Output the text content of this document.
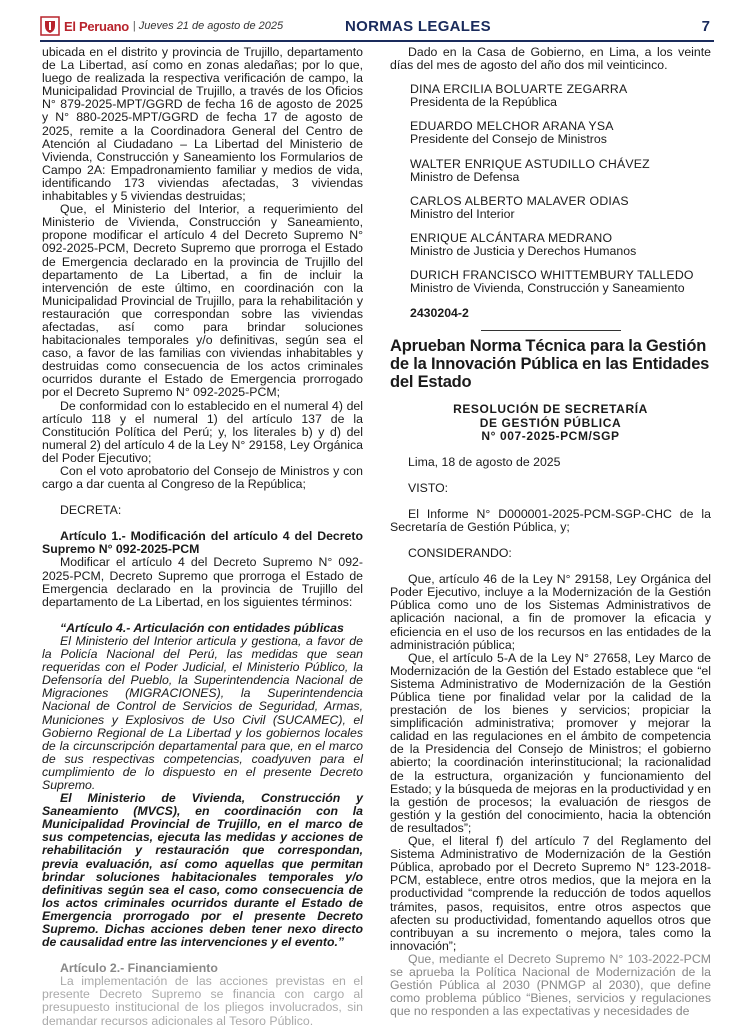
El Peruano
| Jueves 21 de agosto de 2025	NORMAS LEGALES	7

ubicada en el distrito y provincia de Trujillo, departamento de La Libertad, así como en zonas aledañas; por lo que, luego de realizada la respectiva verificación de campo, la Municipalidad Provincial de Trujillo, a través de los Oficios N° 879-2025-MPT/GGRD de fecha 16 de agosto de 2025 y N° 880-2025-MPT/GGRD de fecha 17 de agosto de 2025, remite a la Coordinadora General del Centro de Atención al Ciudadano – La Libertad del Ministerio de Vivienda, Construcción y Saneamiento los Formularios de Campo 2A: Empadronamiento familiar y medios de vida, identificando 173 viviendas afectadas, 3 viviendas inhabitables y 5 viviendas destruidas;

Que, el Ministerio del Interior, a requerimiento del Ministerio de Vivienda, Construcción y Saneamiento, propone modificar el artículo 4 del Decreto Supremo N° 092-2025-PCM, Decreto Supremo que prorroga el Estado de Emergencia declarado en la provincia de Trujillo del departamento de La Libertad, a fin de incluir la intervención de este último, en coordinación con la Municipalidad Provincial de Trujillo, para la rehabilitación y restauración que correspondan sobre las viviendas afectadas, así como para brindar soluciones habitacionales temporales y/o definitivas, según sea el caso, a favor de las familias con viviendas inhabitables y destruidas como consecuencia de los actos criminales ocurridos durante el Estado de Emergencia prorrogado por el Decreto Supremo N° 092-2025-PCM;

De conformidad con lo establecido en el numeral 4) del artículo 118 y el numeral 1) del artículo 137 de la Constitución Política del Perú; y, los literales b) y d) del numeral 2) del artículo 4 de la Ley N° 29158, Ley Orgánica del Poder Ejecutivo;

Con el voto aprobatorio del Consejo de Ministros y con cargo a dar cuenta al Congreso de la República;

DECRETA:

Artículo 1.- Modificación del artículo 4 del Decreto Supremo N° 092-2025-PCM

Modificar el artículo 4 del Decreto Supremo N° 092-2025-PCM, Decreto Supremo que prorroga el Estado de Emergencia declarado en la provincia de Trujillo del departamento de La Libertad, en los siguientes términos:

“Artículo 4.- Articulación con entidades públicas

El Ministerio del Interior articula y gestiona, a favor de la Policía Nacional del Perú, las medidas que sean requeridas con el Poder Judicial, el Ministerio Público, la Defensoría del Pueblo, la Superintendencia Nacional de Migraciones (MIGRACIONES), la Superintendencia Nacional de Control de Servicios de Seguridad, Armas, Municiones y Explosivos de Uso Civil (SUCAMEC), el Gobierno Regional de La Libertad y los gobiernos locales de la circunscripción departamental para que, en el marco de sus respectivas competencias, coadyuven para el cumplimiento de lo dispuesto en el presente Decreto Supremo.

El Ministerio de Vivienda, Construcción y Saneamiento (MVCS), en coordinación con la Municipalidad Provincial de Trujillo, en el marco de sus competencias, ejecuta las medidas y acciones de rehabilitación y restauración que correspondan, previa evaluación, así como aquellas que permitan brindar soluciones habitacionales temporales y/o definitivas según sea el caso, como consecuencia de los actos criminales ocurridos durante el Estado de Emergencia prorrogado por el presente Decreto Supremo. Dichas acciones deben tener nexo directo de causalidad entre las intervenciones y el evento.”

Artículo 2.- Financiamiento

La implementación de las acciones previstas en el presente Decreto Supremo se financia con cargo al presupuesto institucional de los pliegos involucrados, sin demandar recursos adicionales al Tesoro Público.

Dado en la Casa de Gobierno, en Lima, a los veinte días del mes de agosto del año dos mil veinticinco.

DINA ERCILIA BOLUARTE ZEGARRA

Presidenta de la República

EDUARDO MELCHOR ARANA YSA

Presidente del Consejo de Ministros

WALTER ENRIQUE ASTUDILLO CHÁVEZ

Ministro de Defensa

CARLOS ALBERTO MALAVER ODIAS

Ministro del Interior

ENRIQUE ALCÁNTARA MEDRANO

Ministro de Justicia y Derechos Humanos

DURICH FRANCISCO WHITTEMBURY TALLEDO

Ministro de Vivienda, Construcción y Saneamiento

2430204-2

Aprueban Norma Técnica para la Gestión de la Innovación Pública en las Entidades del Estado

RESOLUCIÓN DE SECRETARÍA

DE GESTIÓN PÚBLICA

N° 007-2025-PCM/SGP

Lima, 18 de agosto de 2025

VISTO:

El Informe N° D000001-2025-PCM-SGP-CHC de la Secretaría de Gestión Pública, y;

CONSIDERANDO:

Que, artículo 46 de la Ley N° 29158, Ley Orgánica del Poder Ejecutivo, incluye a la Modernización de la Gestión Pública como uno de los Sistemas Administrativos de aplicación nacional, a fin de promover la eficacia y eficiencia en el uso de los recursos en las entidades de la administración pública;

Que, el artículo 5-A de la Ley N° 27658, Ley Marco de Modernización de la Gestión del Estado establece que “el Sistema Administrativo de Modernización de la Gestión Pública tiene por finalidad velar por la calidad de la prestación de los bienes y servicios; propiciar la simplificación administrativa; promover y mejorar la calidad en las regulaciones en el ámbito de competencia de la Presidencia del Consejo de Ministros; el gobierno abierto; la coordinación interinstitucional; la racionalidad de la estructura, organización y funcionamiento del Estado; y la búsqueda de mejoras en la productividad y en la gestión de procesos; la evaluación de riesgos de gestión y la gestión del conocimiento, hacia la obtención de resultados”;

Que, el literal f) del artículo 7 del Reglamento del Sistema Administrativo de Modernización de la Gestión Pública, aprobado por el Decreto Supremo N° 123-2018-PCM, establece, entre otros medios, que la mejora en la productividad “comprende la reducción de todos aquellos trámites, pasos, requisitos, entre otros aspectos que afecten su productividad, fomentando aquellos otros que contribuyan a su incremento o mejora, tales como la innovación”;

Que, mediante el Decreto Supremo N° 103-2022-PCM se aprueba la Política Nacional de Modernización de la Gestión Pública al 2030 (PNMGP al 2030), que define como problema público “Bienes, servicios y regulaciones que no responden a las expectativas y necesidades de
